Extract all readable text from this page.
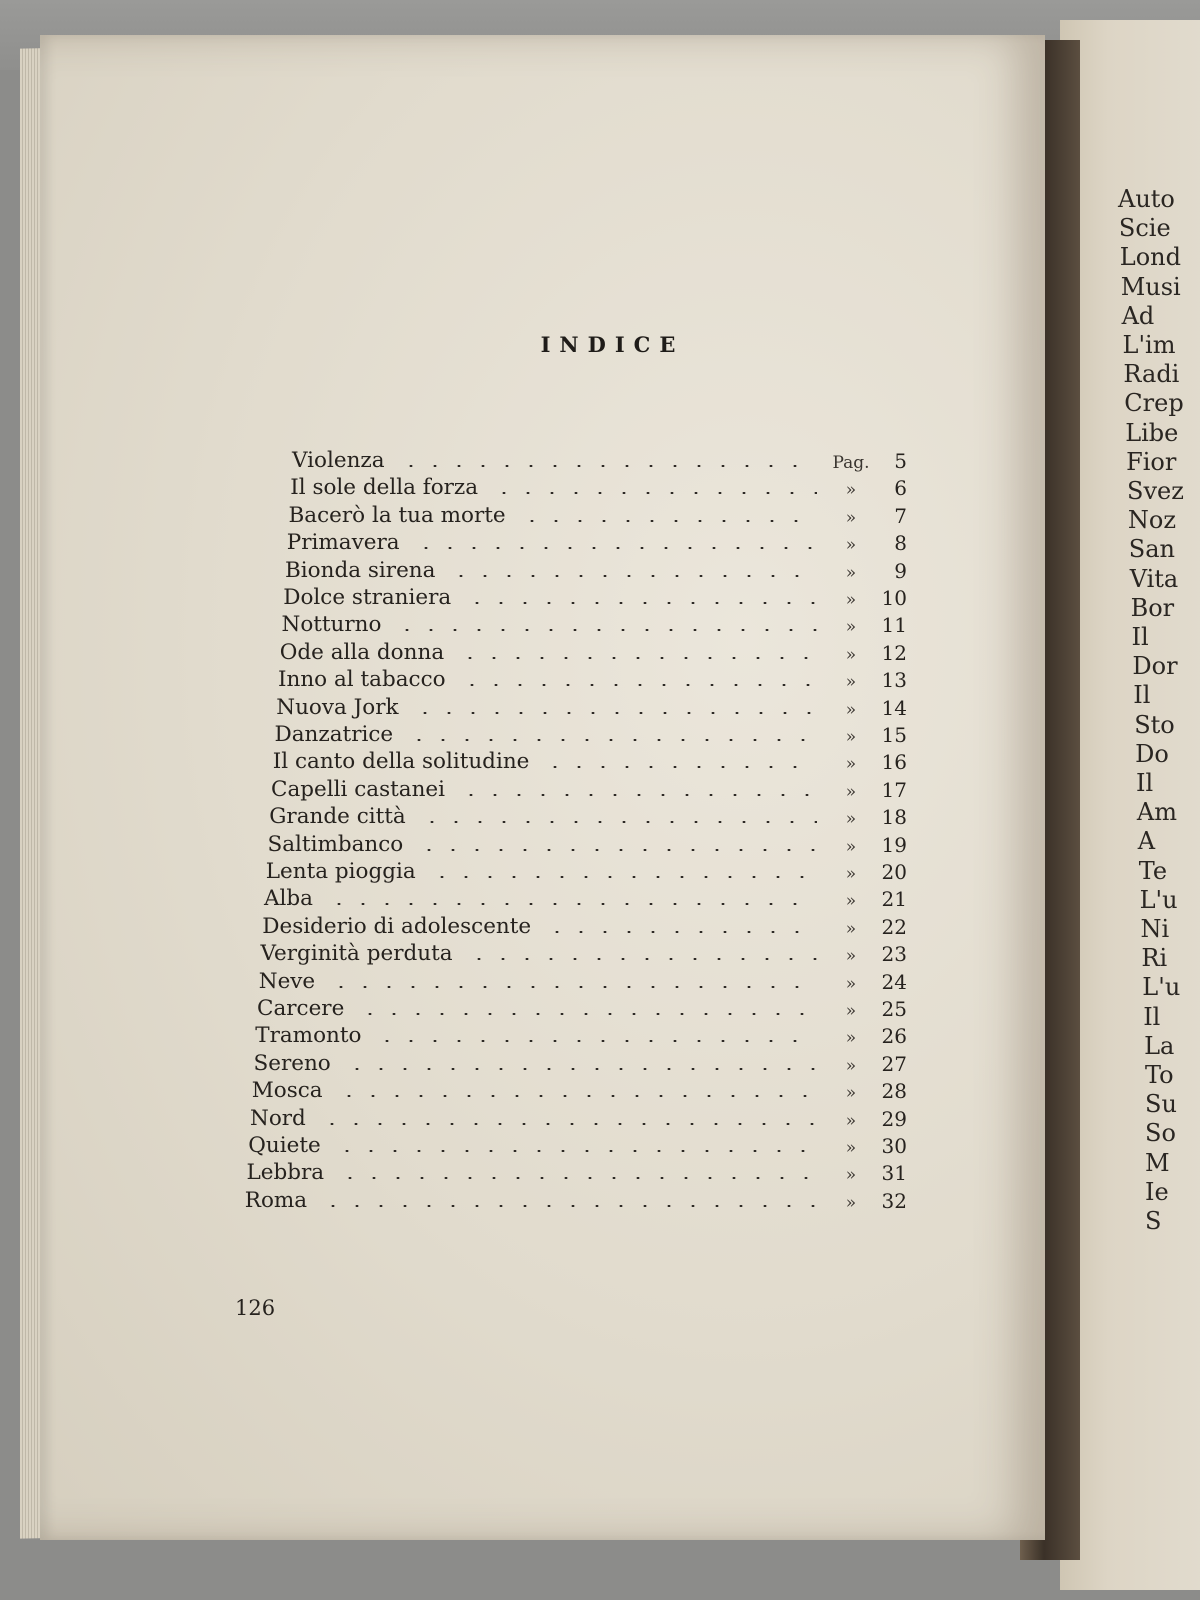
Auto
Scie
Lond
Musi
Ad
L'im
Radi
Crep
Libe
Fior
Svez
Noz
San
Vita
Bor
Il
Dor
Il
Sto
Do
Il
Am
A
Te
L'u
Ni
Ri
L'u
Il
La
To
Su
So
M
Ie
S
INDICE
Violenza	Pag.	5
Il sole della forza	»	6
Bacerò la tua morte	»	7
Primavera	»	8
Bionda sirena	»	9
Dolce straniera	»	10
Notturno	»	11
Ode alla donna	»	12
Inno al tabacco	»	13
Nuova Jork	»	14
Danzatrice	»	15
Il canto della solitudine	»	16
Capelli castanei	»	17
Grande città	»	18
Saltimbanco	»	19
Lenta pioggia	»	20
Alba	»	21
Desiderio di adolescente	»	22
Verginità perduta	»	23
Neve	»	24
Carcere	»	25
Tramonto	»	26
Sereno	»	27
Mosca	»	28
Nord	»	29
Quiete	»	30
Lebbra	»	31
Roma	»	32
126
